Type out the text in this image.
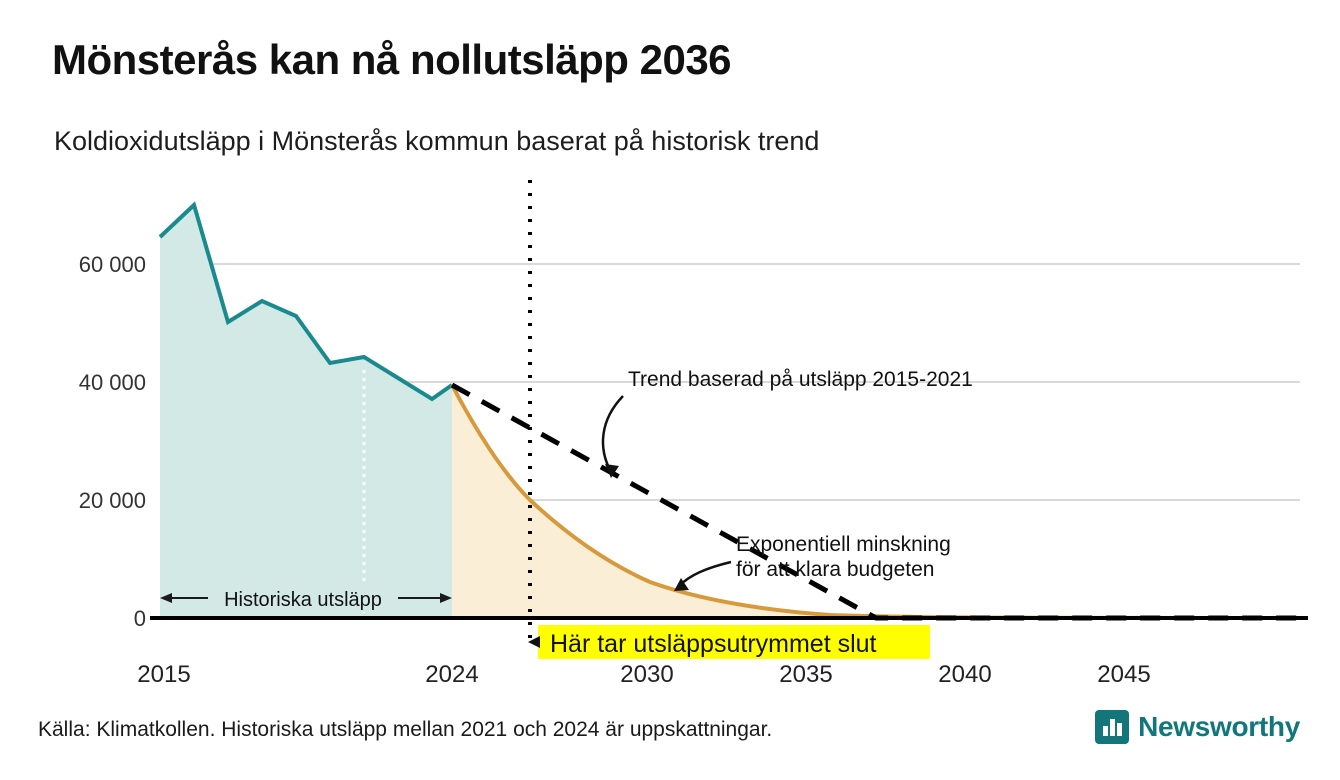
Mönsterås kan nå nollutsläpp 2036
Koldioxidutsläpp i Mönsterås kommun baserat på historisk trend
0
20 000
40 000
60 000
2015	2024	2030	2035	2040	2045
Historiska utsläpp
Trend baserad på utsläpp 2015-2021
Exponentiell minskning
för att klara budgeten
Här tar utsläppsutrymmet slut
Källa: Klimatkollen. Historiska utsläpp mellan 2021 och 2024 är uppskattningar.	Newsworthy
